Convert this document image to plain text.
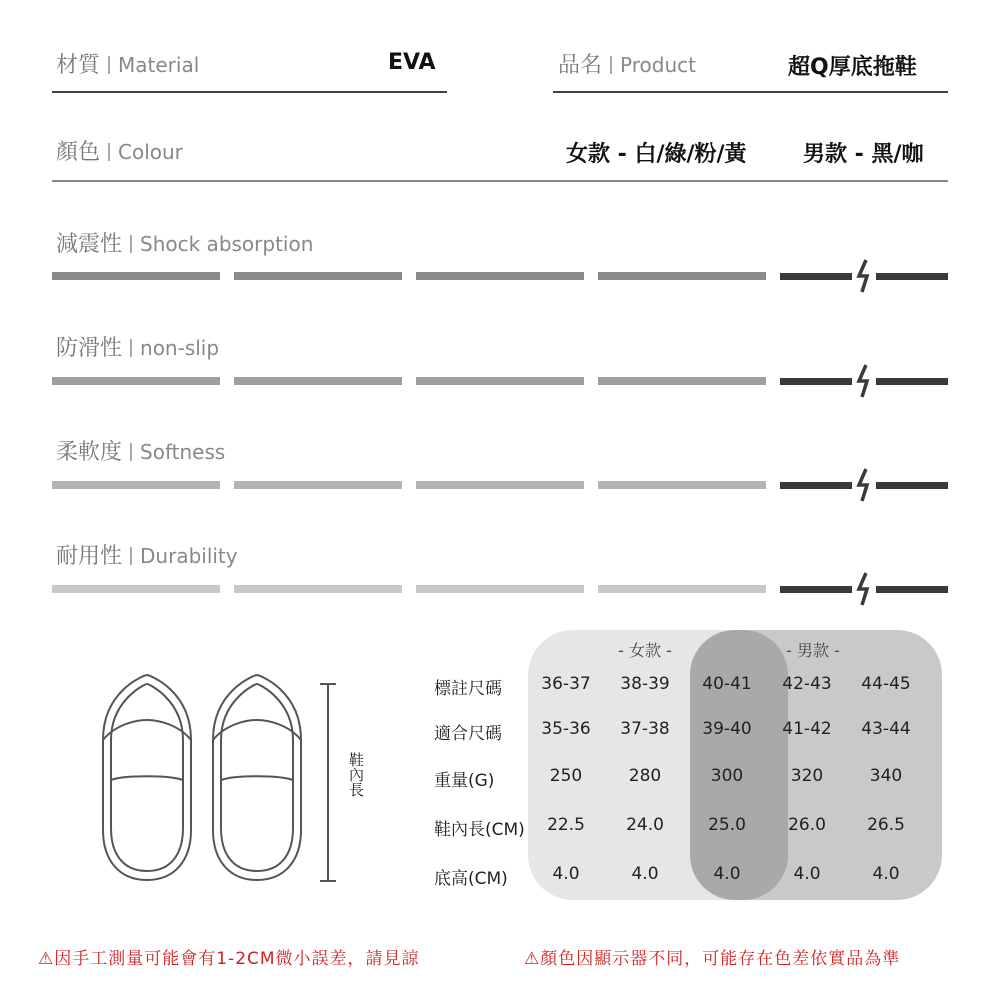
材質 Material	EVA	品名 Product	超Q厚底拖鞋
顏色 Colour	女款 - 白/綠/粉/黃	男款 - 黑/咖
減震性 Shock absorption
防滑性 non-slip
柔軟度 Softness
耐用性 Durability
鞋內長
- 女款 -	- 男款 -
標註尺碼	36-37	38-39	40-41	42-43	44-45
適合尺碼	35-36	37-38	39-40	41-42	43-44
重量(G)	250	280	300	320	340
鞋內長(CM)	22.5	24.0	25.0	26.0	26.5
底高(CM)	4.0	4.0	4.0	4.0	4.0
⚠因手工測量可能會有1-2CM微小誤差，請見諒	⚠顏色因顯示器不同，可能存在色差依實品為準
